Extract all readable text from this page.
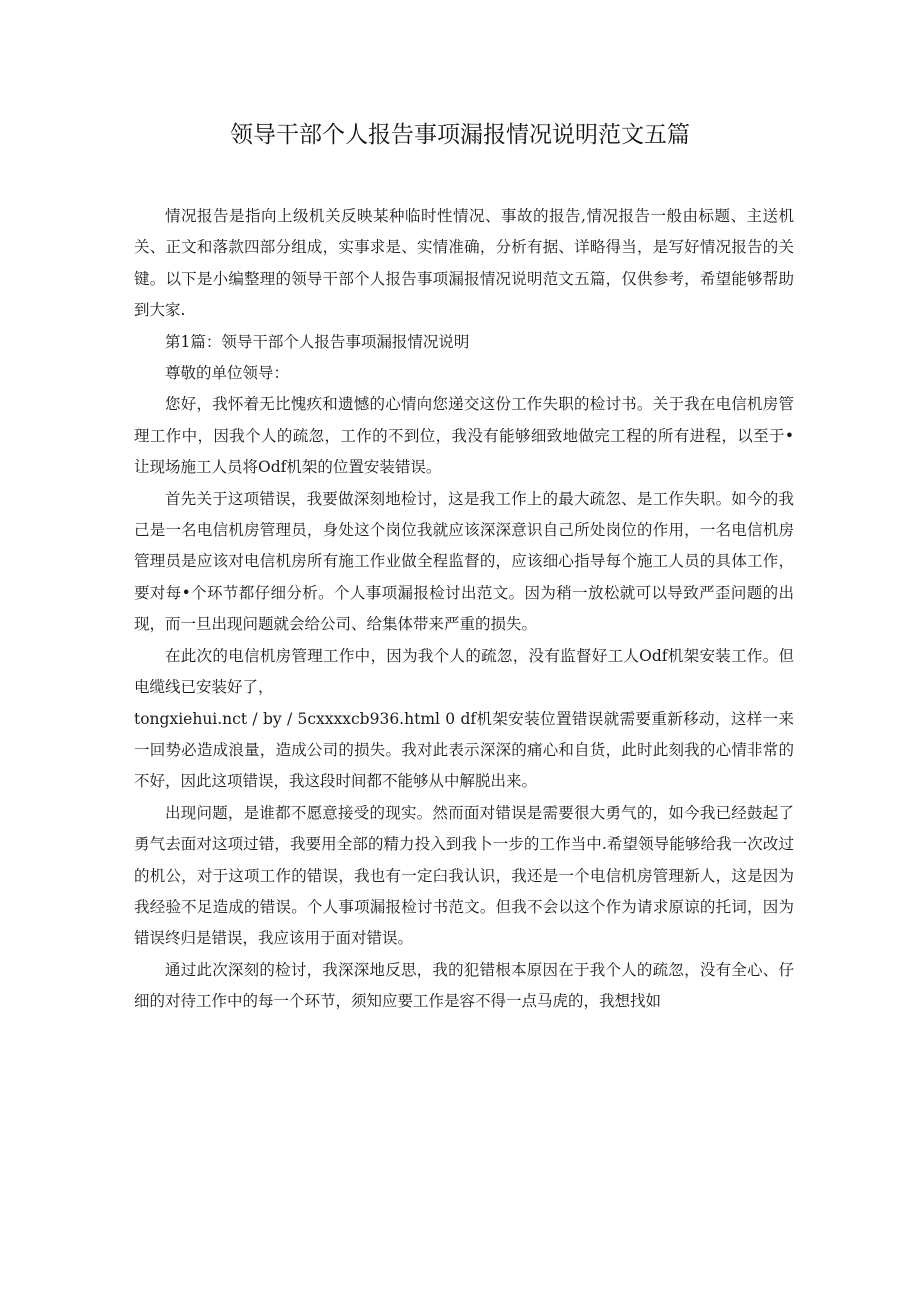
领导干部个人报告事项漏报情况说明范文五篇

情况报告是指向上级机关反映某种临时性情况、事故的报告,情况报告一般由标题、主送机关、正文和落款四部分组成，实事求是、实情准确，分析有据、详略得当，是写好情况报告的关键。以下是小编整理的领导干部个人报告事项漏报情况说明范文五篇，仅供参考，希望能够帮助到大家.

第1篇：领导干部个人报告事项漏报情况说明

尊敬的单位领导：

您好，我怀着无比愧疚和遗憾的心情向您递交这份工作失职的检讨书。关于我在电信机房管理工作中，因我个人的疏忽，工作的不到位，我没有能够细致地做完工程的所有进程，以至于•让现场施工人员将Odf机架的位置安装错误。

首先关于这项错误，我要做深刻地检讨，这是我工作上的最大疏忽、是工作失职。如今的我己是一名电信机房管理员，身处这个岗位我就应该深深意识自己所处岗位的作用，一名电信机房管理员是应该对电信机房所有施工作业做全程监督的，应该细心指导每个施工人员的具体工作，要对每•个环节都仔细分析。个人事项漏报检讨出范文。因为稍一放松就可以导致严歪问题的出现，而一旦出现问题就会给公司、给集体带来严重的损失。

在此次的电信机房管理工作中，因为我个人的疏忽，没有监督好工人Odf机架安装工作。但电缆线已安装好了，

tongxiehui.nct / by / 5cxxxxcb936.html 0 df机架安装位置错误就需要重新移动，这样一来一回势必造成浪量，造成公司的损失。我对此表示深深的痛心和自货，此时此刻我的心情非常的不好，因此这项错误，我这段时间都不能够从中解脱出来。

出现问题，是谁都不愿意接受的现实。然而面对错误是需要很大勇气的，如今我已经鼓起了勇气去面对这项过错，我要用全部的精力投入到我卜一步的工作当中.希望领导能够给我一次改过的机公，对于这项工作的错误，我也有一定臼我认识，我还是一个电信机房管理新人，这是因为我经验不足造成的错误。个人事项漏报检讨书范文。但我不会以这个作为请求原谅的托词，因为错误终归是错误，我应该用于面对错误。

通过此次深刻的检讨，我深深地反思，我的犯错根本原因在于我个人的疏忽，没有全心、仔细的对待工作中的每一个环节，须知应要工作是容不得一点马虎的，我想找如
